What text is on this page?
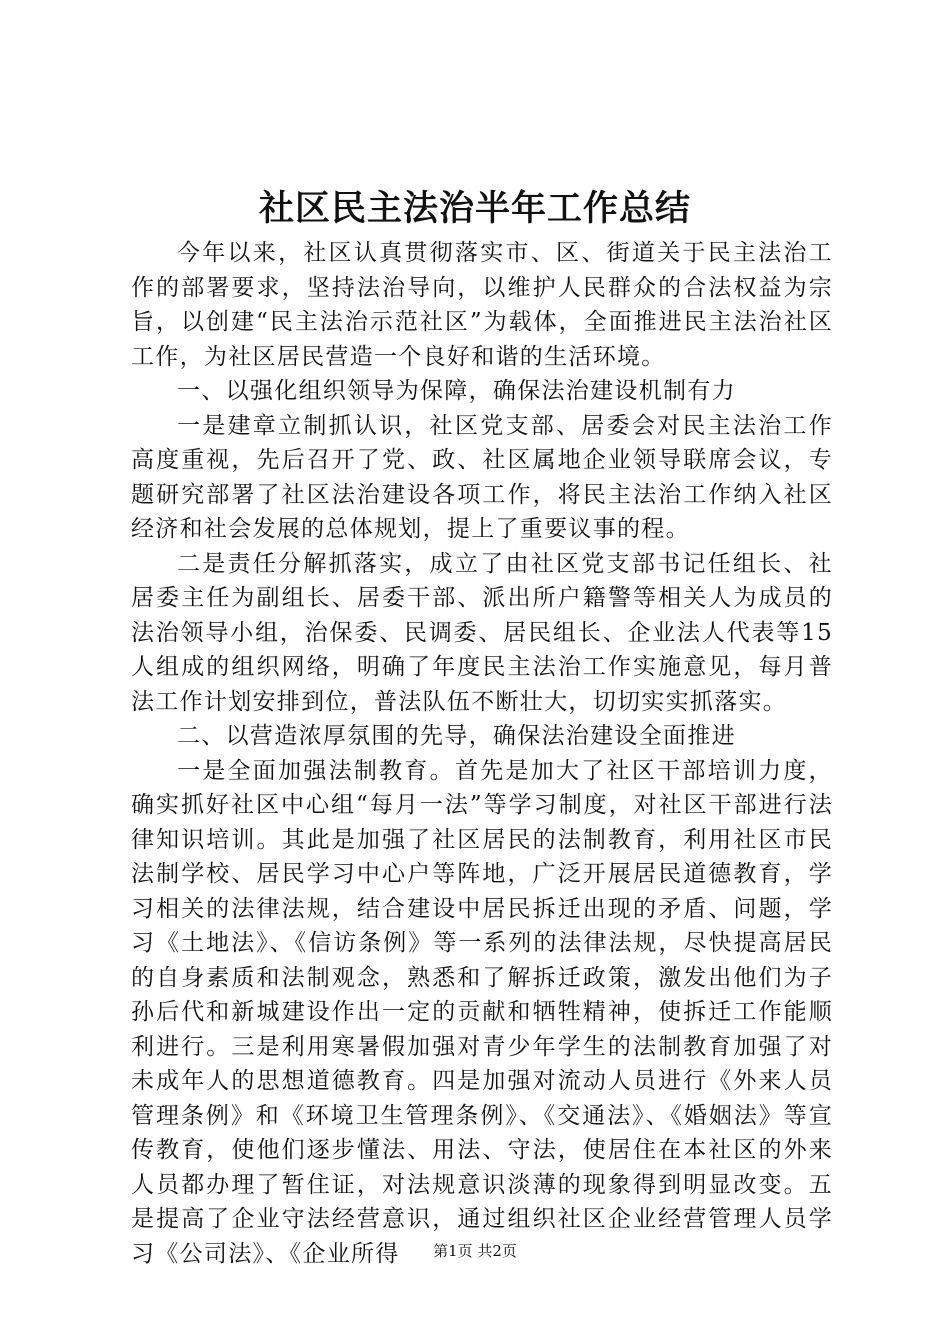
社区民主法治半年工作总结

今年以来，社区认真贯彻落实市、区、街道关于民主法治工作的部署要求，坚持法治导向，以维护人民群众的合法权益为宗旨，以创建“民主法治示范社区”为载体，全面推进民主法治社区工作，为社区居民营造一个良好和谐的生活环境。

一、以强化组织领导为保障，确保法治建设机制有力

一是建章立制抓认识，社区党支部、居委会对民主法治工作高度重视，先后召开了党、政、社区属地企业领导联席会议，专题研究部署了社区法治建设各项工作，将民主法治工作纳入社区经济和社会发展的总体规划，提上了重要议事的程。

二是责任分解抓落实，成立了由社区党支部书记任组长、社居委主任为副组长、居委干部、派出所户籍警等相关人为成员的法治领导小组，治保委、民调委、居民组长、企业法人代表等15人组成的组织网络，明确了年度民主法治工作实施意见，每月普法工作计划安排到位，普法队伍不断壮大，切切实实抓落实。

二、以营造浓厚氛围的先导，确保法治建设全面推进

一是全面加强法制教育。首先是加大了社区干部培训力度，确实抓好社区中心组“每月一法”等学习制度，对社区干部进行法律知识培训。其此是加强了社区居民的法制教育，利用社区市民法制学校、居民学习中心户等阵地，广泛开展居民道德教育，学习相关的法律法规，结合建设中居民拆迁出现的矛盾、问题，学习《土地法》、《信访条例》等一系列的法律法规，尽快提高居民的自身素质和法制观念，熟悉和了解拆迁政策，激发出他们为子孙后代和新城建设作出一定的贡献和牺牲精神，使拆迁工作能顺利进行。三是利用寒暑假加强对青少年学生的法制教育加强了对未成年人的思想道德教育。四是加强对流动人员进行《外来人员管理条例》和《环境卫生管理条例》、《交通法》、《婚姻法》等宣传教育，使他们逐步懂法、用法、守法，使居住在本社区的外来人员都办理了暂住证，对法规意识淡薄的现象得到明显改变。五是提高了企业守法经营意识，通过组织社区企业经营管理人员学习《公司法》、《企业所得	第1页 共2页
